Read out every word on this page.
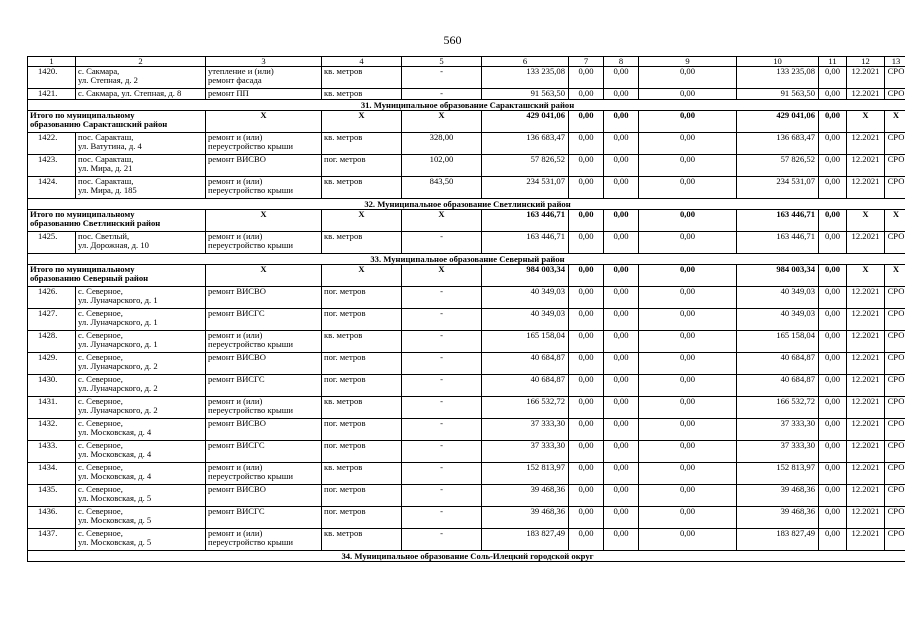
560
1	2	3	4	5	6	7	8	9	10	11	12	13
1420.	с. Сакмара,
ул. Степная, д. 2	утепление и (или)
ремонт фасада	кв. метров	-	133 235,08	0,00	0,00	0,00	133 235,08	0,00	12.2021	СРО
1421.	с. Сакмара, ул. Степная, д. 8	ремонт ПП	кв. метров	-	91 563,50	0,00	0,00	0,00	91 563,50	0,00	12.2021	СРО
31. Муниципальное образование Саракташский район												
Итого по муниципальному
образованию Саракташский район		X	X	X	429 041,06	0,00	0,00	0,00	429 041,06	0,00	X	X
1422.	пос. Саракташ,
ул. Ватутина, д. 4	ремонт и (или)
переустройство крыши	кв. метров	328,00	136 683,47	0,00	0,00	0,00	136 683,47	0,00	12.2021	СРО
1423.	пос. Саракташ,
ул. Мира, д. 21	ремонт ВИСВО	пог. метров	102,00	57 826,52	0,00	0,00	0,00	57 826,52	0,00	12.2021	СРО
1424.	пос. Саракташ,
ул. Мира, д. 185	ремонт и (или)
переустройство крыши	кв. метров	843,50	234 531,07	0,00	0,00	0,00	234 531,07	0,00	12.2021	СРО
32. Муниципальное образование Светлинский район												
Итого по муниципальному
образованию Светлинский район		X	X	X	163 446,71	0,00	0,00	0,00	163 446,71	0,00	X	X
1425.	пос. Светлый,
ул. Дорожная, д. 10	ремонт и (или)
переустройство крыши	кв. метров	-	163 446,71	0,00	0,00	0,00	163 446,71	0,00	12.2021	СРО
33. Муниципальное образование Северный район												
Итого по муниципальному
образованию Северный район		X	X	X	984 003,34	0,00	0,00	0,00	984 003,34	0,00	X	X
1426.	с. Северное,
ул. Луначарского, д. 1	ремонт ВИСВО	пог. метров	-	40 349,03	0,00	0,00	0,00	40 349,03	0,00	12.2021	СРО
1427.	с. Северное,
ул. Луначарского, д. 1	ремонт ВИСГС	пог. метров	-	40 349,03	0,00	0,00	0,00	40 349,03	0,00	12.2021	СРО
1428.	с. Северное,
ул. Луначарского, д. 1	ремонт и (или)
переустройство крыши	кв. метров	-	165 158,04	0,00	0,00	0,00	165 158,04	0,00	12.2021	СРО
1429.	с. Северное,
ул. Луначарского, д. 2	ремонт ВИСВО	пог. метров	-	40 684,87	0,00	0,00	0,00	40 684,87	0,00	12.2021	СРО
1430.	с. Северное,
ул. Луначарского, д. 2	ремонт ВИСГС	пог. метров	-	40 684,87	0,00	0,00	0,00	40 684,87	0,00	12.2021	СРО
1431.	с. Северное,
ул. Луначарского, д. 2	ремонт и (или)
переустройство крыши	кв. метров	-	166 532,72	0,00	0,00	0,00	166 532,72	0,00	12.2021	СРО
1432.	с. Северное,
ул. Московская, д. 4	ремонт ВИСВО	пог. метров	-	37 333,30	0,00	0,00	0,00	37 333,30	0,00	12.2021	СРО
1433.	с. Северное,
ул. Московская, д. 4	ремонт ВИСГС	пог. метров	-	37 333,30	0,00	0,00	0,00	37 333,30	0,00	12.2021	СРО
1434.	с. Северное,
ул. Московская, д. 4	ремонт и (или)
переустройство крыши	кв. метров	-	152 813,97	0,00	0,00	0,00	152 813,97	0,00	12.2021	СРО
1435.	с. Северное,
ул. Московская, д. 5	ремонт ВИСВО	пог. метров	-	39 468,36	0,00	0,00	0,00	39 468,36	0,00	12.2021	СРО
1436.	с. Северное,
ул. Московская, д. 5	ремонт ВИСГС	пог. метров	-	39 468,36	0,00	0,00	0,00	39 468,36	0,00	12.2021	СРО
1437.	с. Северное,
ул. Московская, д. 5	ремонт и (или)
переустройство крыши	кв. метров	-	183 827,49	0,00	0,00	0,00	183 827,49	0,00	12.2021	СРО
34. Муниципальное образование Соль-Илецкий городской округ												
